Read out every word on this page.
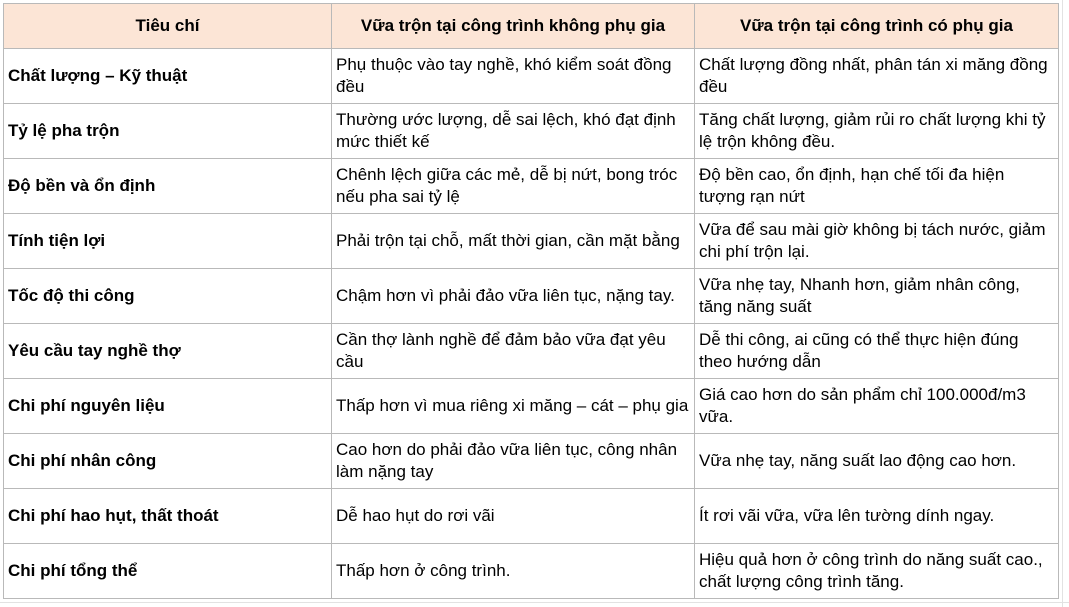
Tiêu chí	Vữa trộn tại công trình không phụ gia	Vữa trộn tại công trình có phụ gia
Chất lượng – Kỹ thuật	Phụ thuộc vào tay nghề, khó kiểm soát đồng đều	Chất lượng đồng nhất, phân tán xi măng đồng đều
Tỷ lệ pha trộn	Thường ước lượng, dễ sai lệch, khó đạt định mức thiết kế	Tăng chất lượng, giảm rủi ro chất lượng khi tỷ lệ trộn không đều.
Độ bền và ổn định	Chênh lệch giữa các mẻ, dễ bị nứt, bong tróc nếu pha sai tỷ lệ	Độ bền cao, ổn định, hạn chế tối đa hiện tượng rạn nứt
Tính tiện lợi	Phải trộn tại chỗ, mất thời gian, cần mặt bằng	Vữa để sau mài giờ không bị tách nước, giảm chi phí trộn lại.
Tốc độ thi công	Chậm hơn vì phải đảo vữa liên tục, nặng tay.	Vữa nhẹ tay, Nhanh hơn, giảm nhân công, tăng năng suất
Yêu cầu tay nghề thợ	Cần thợ lành nghề để đảm bảo vữa đạt yêu cầu	Dễ thi công, ai cũng có thể thực hiện đúng theo hướng dẫn
Chi phí nguyên liệu	Thấp hơn vì mua riêng xi măng – cát – phụ gia	Giá cao hơn do sản phẩm chỉ 100.000đ/m3 vữa.
Chi phí nhân công	Cao hơn do phải đảo vữa liên tục, công nhân làm nặng tay	Vữa nhẹ tay, năng suất lao động cao hơn.
Chi phí hao hụt, thất thoát	Dễ hao hụt do rơi vãi	Ít rơi vãi vữa, vữa lên tường dính ngay.
Chi phí tổng thể	Thấp hơn ở công trình.	Hiệu quả hơn ở công trình do năng suất cao., chất lượng công trình tăng.
